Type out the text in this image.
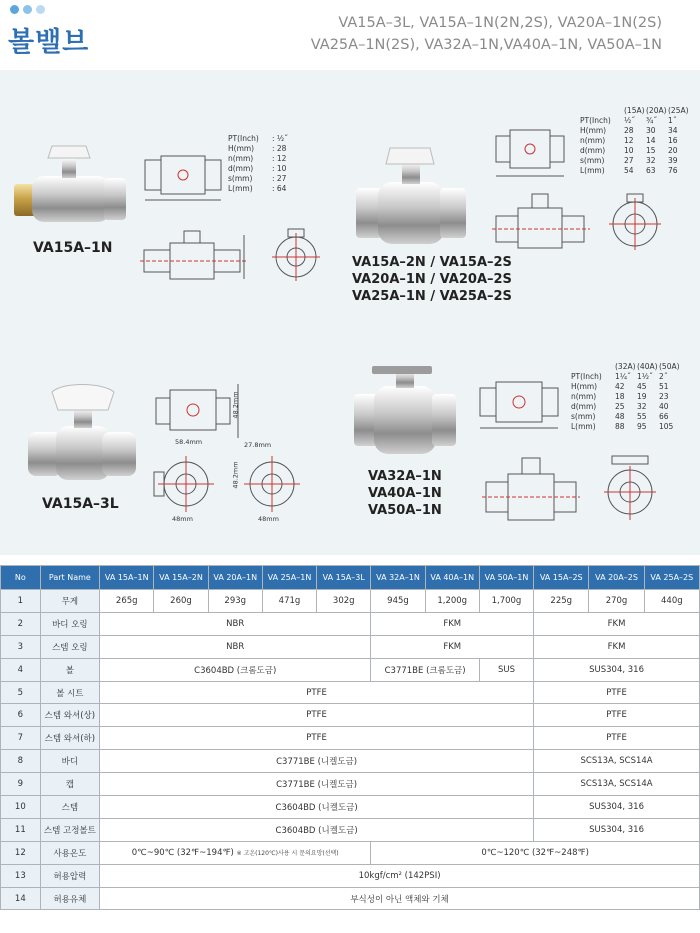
볼밸브
VA15A–3L, VA15A–1N(2N,2S), VA20A–1N(2S)
VA25A–1N(2S), VA32A–1N,VA40A–1N, VA50A–1N
VA15A–1N
PT(Inch)	: ½˝
H(mm)	: 28
n(mm)	: 12
d(mm)	: 10
s(mm)	: 27
L(mm)	: 64
(15A) (20A) (25A)
PT(Inch)	½˝	¾˝	1˝
H(mm)	28	30	34
n(mm)	12	14	16
d(mm)	10	15	20
s(mm)	27	32	39
L(mm)	54	63	76
VA15A–2N / VA15A–2S
VA20A–1N / VA20A–2S
VA25A–1N / VA25A–2S
VA15A–3L
58.4mm
48.2mm
27.8mm
48.2mm
48mm	48mm
VA32A–1N
VA40A–1N
VA50A–1N
(32A) (40A) (50A)
PT(Inch)	1¼˝ 1½˝ 2˝
H(mm)	42	45	51
n(mm)	18	19	23
d(mm)	25	32	40
s(mm)	48	55	66
L(mm)	88	95	105
No	Part Name	VA 15A–1N	VA 15A–2N	VA 20A–1N	VA 25A–1N	VA 15A–3L	VA 32A–1N	VA 40A–1N	VA 50A–1N	VA 15A–2S	VA 20A–2S	VA 25A–2S
1	무게	265g	260g	293g	471g	302g	945g	1,200g	1,700g	225g	270g	440g
2	바디 오링	NBR					FKM			FKM		
3	스템 오링	NBR					FKM			FKM		
4	볼	C3604BD (크롬도금)					C3771BE (크롬도금)		SUS	SUS304, 316		
5	볼 시트	PTFE								PTFE		
6	스템 와셔(상)	PTFE								PTFE		
7	스템 와셔(하)	PTFE								PTFE		
8	바디	C3771BE (니켈도금)								SCS13A, SCS14A		
9	캡	C3771BE (니켈도금)								SCS13A, SCS14A		
10	스템	C3604BD (니켈도금)								SUS304, 316		
11	스템 고정볼트	C3604BD (니켈도금)								SUS304, 316		
12	사용온도	0℃~90℃ (32℉~194℉) ※ 고온(120℃)사용 시 문의요망(선택)					0℃~120℃ (32℉~248℉)					
13	허용압력	10kgf/cm² (142PSI)										
14	허용유체	부식성이 아닌 액체와 기체										
